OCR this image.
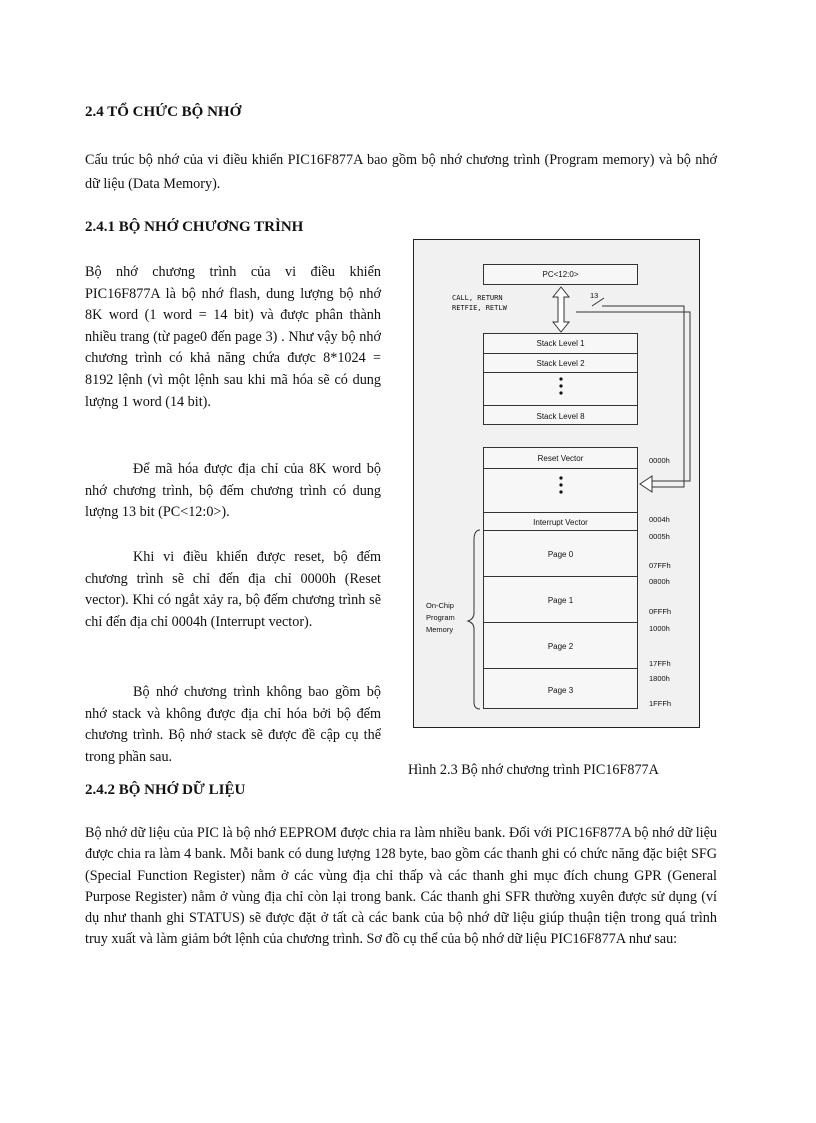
2.4 TỔ CHỨC BỘ NHỚ

Cấu trúc bộ nhớ của vi điều khiển PIC16F877A bao gồm bộ nhớ chương trình (Program memory) và bộ nhớ dữ liệu (Data Memory).

2.4.1 BỘ NHỚ CHƯƠNG TRÌNH

Bộ nhớ chương trình của vi điều khiển PIC16F877A là bộ nhớ flash, dung lượng bộ nhớ 8K word (1 word = 14 bit) và được phân thành nhiều trang (từ page0 đến page 3) . Như vậy bộ nhớ chương trình có khả năng chứa được 8*1024 = 8192 lệnh (vì một lệnh sau khi mã hóa sẽ có dung lượng 1 word (14 bit).

Để mã hóa được địa chỉ của 8K word bộ nhớ chương trình, bộ đếm chương trình có dung lượng 13 bit (PC<12:0>).

Khi vi điều khiển được reset, bộ đếm chương trình sẽ chỉ đến địa chỉ 0000h (Reset vector). Khi có ngắt xảy ra, bộ đếm chương trình sẽ chỉ đến địa chỉ 0004h (Interrupt vector).

Bộ nhớ chương trình không bao gồm bộ nhớ stack và không được địa chỉ hóa bởi bộ đếm chương trình. Bộ nhớ stack sẽ được đề cập cụ thể trong phần sau.

PC<12:0>
CALL, RETURN
RETFIE, RETLW
13
Stack Level 1
Stack Level 2
Stack Level 8
Reset Vector
Interrupt Vector
Page 0
Page 1
Page 2
Page 3
0000h
0004h
0005h
07FFh
0800h
0FFFh
1000h
17FFh
1800h
1FFFh
On-Chip
Program
Memory
Hình 2.3 Bộ nhớ chương trình PIC16F877A
2.4.2 BỘ NHỚ DỮ LIỆU

Bộ nhớ dữ liệu của PIC là bộ nhớ EEPROM được chia ra làm nhiều bank. Đối với PIC16F877A bộ nhớ dữ liệu được chia ra làm 4 bank. Mỗi bank có dung lượng 128 byte, bao gồm các thanh ghi có chức năng đặc biệt SFG (Special Function Register) nằm ở các vùng địa chỉ thấp và các thanh ghi mục đích chung GPR (General Purpose Register) nằm ở vùng địa chỉ còn lại trong bank. Các thanh ghi SFR thường xuyên được sử dụng (ví dụ như thanh ghi STATUS) sẽ được đặt ở tất cà các bank của bộ nhớ dữ liệu giúp thuận tiện trong quá trình truy xuất và làm giảm bớt lệnh của chương trình. Sơ đồ cụ thể của bộ nhớ dữ liệu PIC16F877A như sau:
